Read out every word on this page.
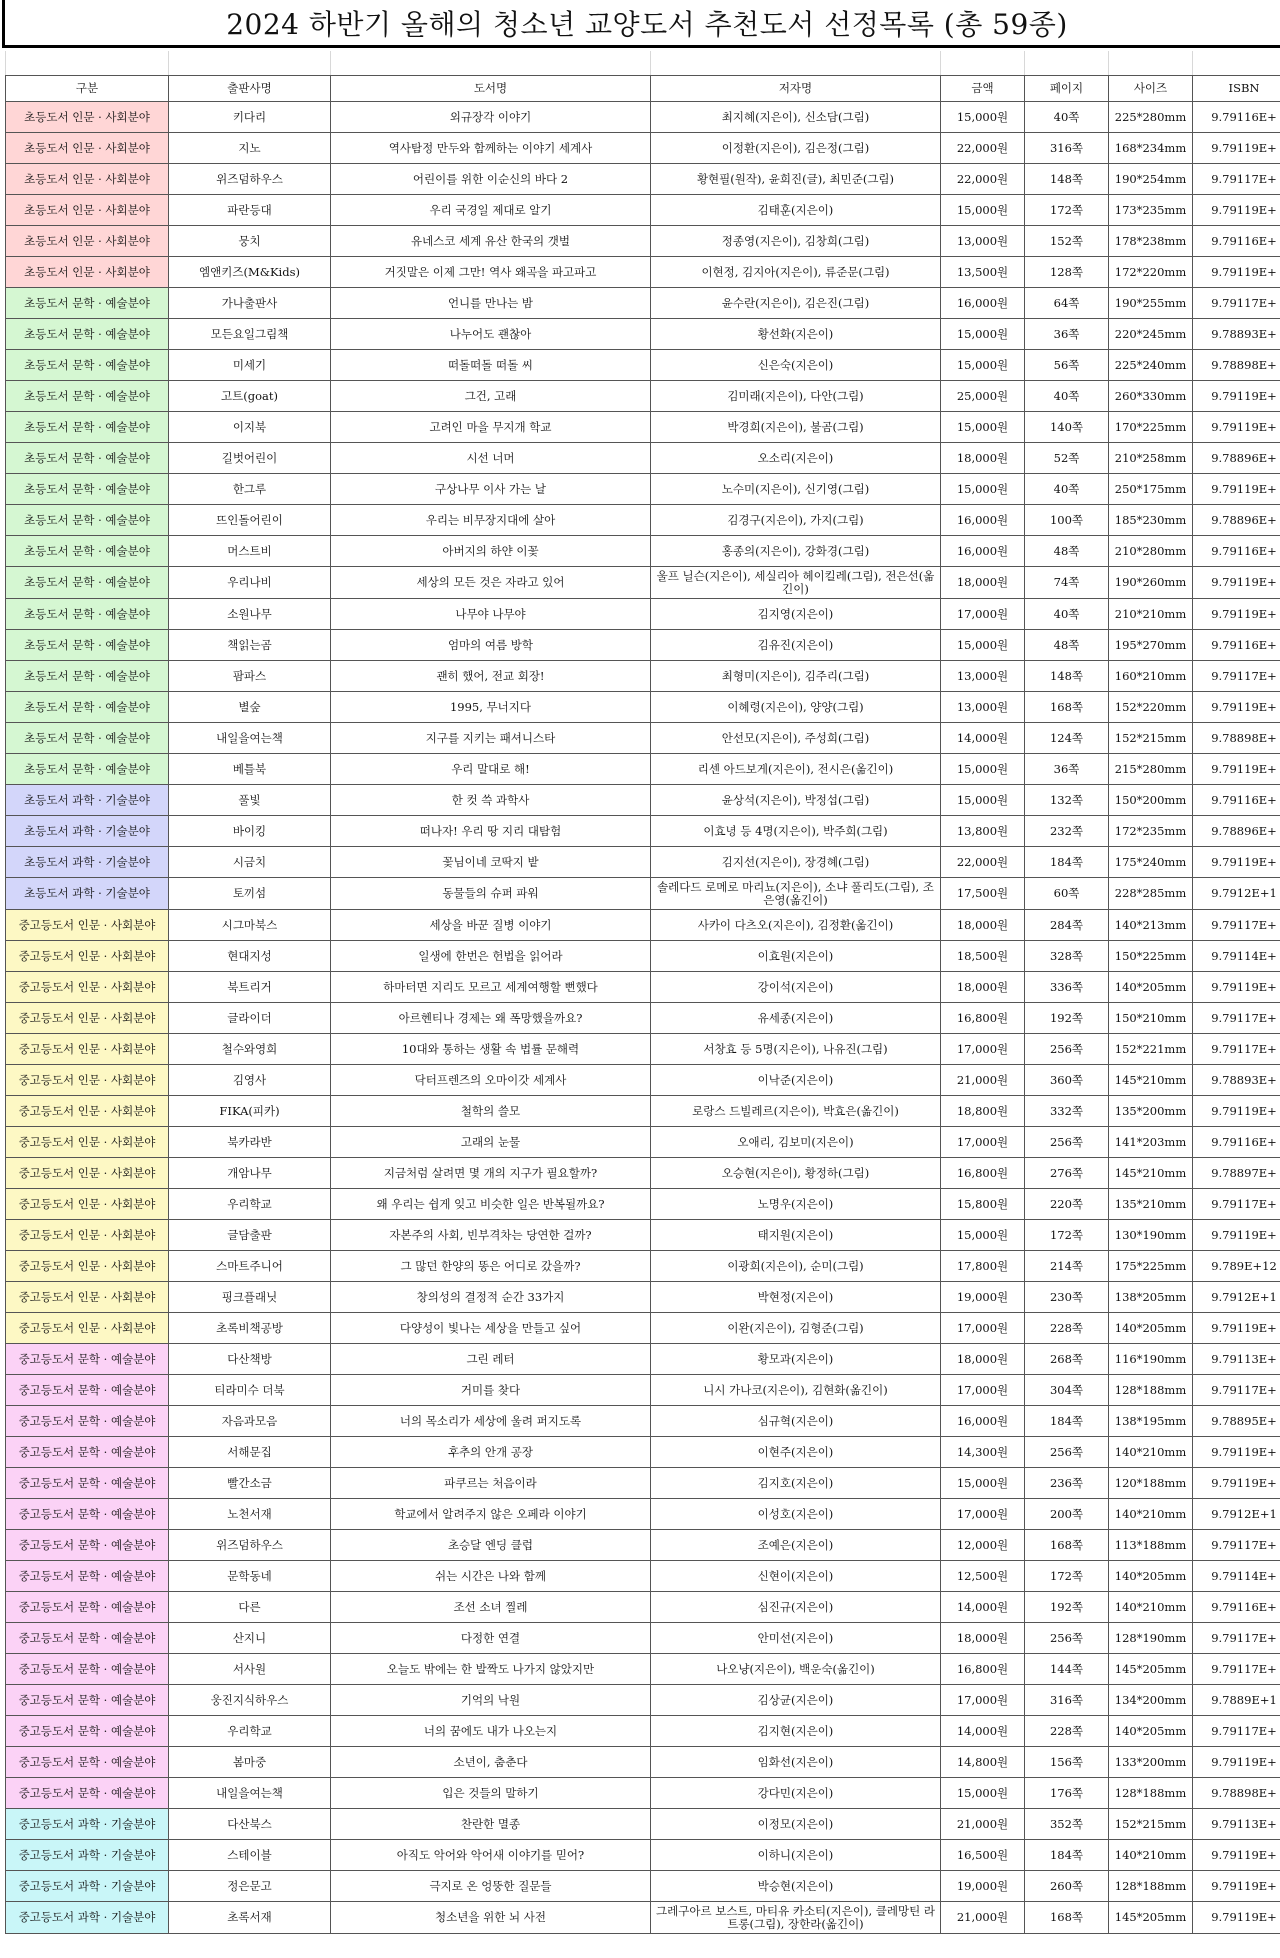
2024 하반기 올해의 청소년 교양도서 추천도서 선정목록 (총 59종)
구분	출판사명	도서명	저자명	금액	페이지	사이즈	ISBN
초등도서 인문 · 사회분야	키다리	외규장각 이야기	최지혜(지은이), 신소담(그림)	15,000원	40쪽	225*280mm	9.79116E+
초등도서 인문 · 사회분야	지노	역사탐정 만두와 함께하는 이야기 세계사	이정환(지은이), 김은정(그림)	22,000원	316쪽	168*234mm	9.79119E+
초등도서 인문 · 사회분야	위즈덤하우스	어린이를 위한 이순신의 바다 2	황현필(원작), 윤희진(글), 최민준(그림)	22,000원	148쪽	190*254mm	9.79117E+
초등도서 인문 · 사회분야	파란등대	우리 국경일 제대로 알기	김태훈(지은이)	15,000원	172쪽	173*235mm	9.79119E+
초등도서 인문 · 사회분야	뭉치	유네스코 세계 유산 한국의 갯벌	정종영(지은이), 김창희(그림)	13,000원	152쪽	178*238mm	9.79116E+
초등도서 인문 · 사회분야	엠앤키즈(M&Kids)	거짓말은 이제 그만! 역사 왜곡을 파고파고	이현정, 김지아(지은이), 류준문(그림)	13,500원	128쪽	172*220mm	9.79119E+
초등도서 문학 · 예술분야	가나출판사	언니를 만나는 밤	윤수란(지은이), 김은진(그림)	16,000원	64쪽	190*255mm	9.79117E+
초등도서 문학 · 예술분야	모든요일그림책	나누어도 괜찮아	황선화(지은이)	15,000원	36쪽	220*245mm	9.78893E+
초등도서 문학 · 예술분야	미세기	떠돌떠돌 떠돌 씨	신은숙(지은이)	15,000원	56쪽	225*240mm	9.78898E+
초등도서 문학 · 예술분야	고트(goat)	그건, 고래	김미래(지은이), 다안(그림)	25,000원	40쪽	260*330mm	9.79119E+
초등도서 문학 · 예술분야	이지북	고려인 마을 무지개 학교	박경희(지은이), 불곰(그림)	15,000원	140쪽	170*225mm	9.79119E+
초등도서 문학 · 예술분야	길벗어린이	시선 너머	오소리(지은이)	18,000원	52쪽	210*258mm	9.78896E+
초등도서 문학 · 예술분야	한그루	구상나무 이사 가는 날	노수미(지은이), 신기영(그림)	15,000원	40쪽	250*175mm	9.79119E+
초등도서 문학 · 예술분야	뜨인돌어린이	우리는 비무장지대에 살아	김경구(지은이), 가지(그림)	16,000원	100쪽	185*230mm	9.78896E+
초등도서 문학 · 예술분야	머스트비	아버지의 하얀 이꽃	홍종의(지은이), 강화경(그림)	16,000원	48쪽	210*280mm	9.79116E+
초등도서 문학 · 예술분야	우리나비	세상의 모든 것은 자라고 있어	울프 닐슨(지은이), 세실리아 헤이킬레(그림), 전은선(옮긴이)	18,000원	74쪽	190*260mm	9.79119E+
초등도서 문학 · 예술분야	소원나무	나무야 나무야	김지영(지은이)	17,000원	40쪽	210*210mm	9.79119E+
초등도서 문학 · 예술분야	책읽는곰	엄마의 여름 방학	김유진(지은이)	15,000원	48쪽	195*270mm	9.79116E+
초등도서 문학 · 예술분야	팜파스	괜히 했어, 전교 회장!	최형미(지은이), 김주리(그림)	13,000원	148쪽	160*210mm	9.79117E+
초등도서 문학 · 예술분야	별숲	1995, 무너지다	이혜령(지은이), 양양(그림)	13,000원	168쪽	152*220mm	9.79119E+
초등도서 문학 · 예술분야	내일을여는책	지구를 지키는 패셔니스타	안선모(지은이), 주성희(그림)	14,000원	124쪽	152*215mm	9.78898E+
초등도서 문학 · 예술분야	베틀북	우리 말대로 해!	리센 아드보게(지은이), 전시은(옮긴이)	15,000원	36쪽	215*280mm	9.79119E+
초등도서 과학 · 기술분야	풀빛	한 컷 쓱 과학사	윤상석(지은이), 박정섭(그림)	15,000원	132쪽	150*200mm	9.79116E+
초등도서 과학 · 기술분야	바이킹	떠나자! 우리 땅 지리 대탐험	이효녕 등 4명(지은이), 박주희(그림)	13,800원	232쪽	172*235mm	9.78896E+
초등도서 과학 · 기술분야	시금치	꽃님이네 코딱지 밭	김지선(지은이), 장경혜(그림)	22,000원	184쪽	175*240mm	9.79119E+
초등도서 과학 · 기술분야	토끼섬	동물들의 슈퍼 파워	솔레다드 로메로 마리뇨(지은이), 소냐 풀리도(그림), 조은영(옮긴이)	17,500원	60쪽	228*285mm	9.7912E+1
중고등도서 인문 · 사회분야	시그마북스	세상을 바꾼 질병 이야기	사카이 다츠오(지은이), 김정환(옮긴이)	18,000원	284쪽	140*213mm	9.79117E+
중고등도서 인문 · 사회분야	현대지성	일생에 한번은 헌법을 읽어라	이효원(지은이)	18,500원	328쪽	150*225mm	9.79114E+
중고등도서 인문 · 사회분야	북트리거	하마터면 지리도 모르고 세계여행할 뻔했다	강이석(지은이)	18,000원	336쪽	140*205mm	9.79119E+
중고등도서 인문 · 사회분야	글라이더	아르헨티나 경제는 왜 폭망했을까요?	유세종(지은이)	16,800원	192쪽	150*210mm	9.79117E+
중고등도서 인문 · 사회분야	철수와영희	10대와 통하는 생활 속 법률 문해력	서창효 등 5명(지은이), 나유진(그림)	17,000원	256쪽	152*221mm	9.79117E+
중고등도서 인문 · 사회분야	김영사	닥터프렌즈의 오마이갓 세계사	이낙준(지은이)	21,000원	360쪽	145*210mm	9.78893E+
중고등도서 인문 · 사회분야	FIKA(피카)	철학의 쓸모	로랑스 드빌레르(지은이), 박효은(옮긴이)	18,800원	332쪽	135*200mm	9.79119E+
중고등도서 인문 · 사회분야	북카라반	고래의 눈물	오애리, 김보미(지은이)	17,000원	256쪽	141*203mm	9.79116E+
중고등도서 인문 · 사회분야	개암나무	지금처럼 살려면 몇 개의 지구가 필요할까?	오승현(지은이), 황정하(그림)	16,800원	276쪽	145*210mm	9.78897E+
중고등도서 인문 · 사회분야	우리학교	왜 우리는 쉽게 잊고 비슷한 일은 반복될까요?	노명우(지은이)	15,800원	220쪽	135*210mm	9.79117E+
중고등도서 인문 · 사회분야	글담출판	자본주의 사회, 빈부격차는 당연한 걸까?	태지원(지은이)	15,000원	172쪽	130*190mm	9.79119E+
중고등도서 인문 · 사회분야	스마트주니어	그 많던 한양의 똥은 어디로 갔을까?	이광희(지은이), 순미(그림)	17,800원	214쪽	175*225mm	9.789E+12
중고등도서 인문 · 사회분야	핑크플래닛	창의성의 결정적 순간 33가지	박현정(지은이)	19,000원	230쪽	138*205mm	9.7912E+1
중고등도서 인문 · 사회분야	초록비책공방	다양성이 빛나는 세상을 만들고 싶어	이완(지은이), 김형준(그림)	17,000원	228쪽	140*205mm	9.79119E+
중고등도서 문학 · 예술분야	다산책방	그린 레터	황모과(지은이)	18,000원	268쪽	116*190mm	9.79113E+
중고등도서 문학 · 예술분야	티라미수 더북	거미를 찾다	니시 가나코(지은이), 김현화(옮긴이)	17,000원	304쪽	128*188mm	9.79117E+
중고등도서 문학 · 예술분야	자음과모음	너의 목소리가 세상에 울려 퍼지도록	심규혁(지은이)	16,000원	184쪽	138*195mm	9.78895E+
중고등도서 문학 · 예술분야	서해문집	후추의 안개 공장	이현주(지은이)	14,300원	256쪽	140*210mm	9.79119E+
중고등도서 문학 · 예술분야	빨간소금	파쿠르는 처음이라	김지호(지은이)	15,000원	236쪽	120*188mm	9.79119E+
중고등도서 문학 · 예술분야	노천서재	학교에서 알려주지 않은 오페라 이야기	이성호(지은이)	17,000원	200쪽	140*210mm	9.7912E+1
중고등도서 문학 · 예술분야	위즈덤하우스	초승달 엔딩 클럽	조예은(지은이)	12,000원	168쪽	113*188mm	9.79117E+
중고등도서 문학 · 예술분야	문학동네	쉬는 시간은 나와 함께	신현이(지은이)	12,500원	172쪽	140*205mm	9.79114E+
중고등도서 문학 · 예술분야	다른	조선 소녀 찔레	심진규(지은이)	14,000원	192쪽	140*210mm	9.79116E+
중고등도서 문학 · 예술분야	산지니	다정한 연결	안미선(지은이)	18,000원	256쪽	128*190mm	9.79117E+
중고등도서 문학 · 예술분야	서사원	오늘도 밖에는 한 발짝도 나가지 않았지만	나오냥(지은이), 백운숙(옮긴이)	16,800원	144쪽	145*205mm	9.79117E+
중고등도서 문학 · 예술분야	웅진지식하우스	기억의 낙원	김상균(지은이)	17,000원	316쪽	134*200mm	9.7889E+1
중고등도서 문학 · 예술분야	우리학교	너의 꿈에도 내가 나오는지	김지현(지은이)	14,000원	228쪽	140*205mm	9.79117E+
중고등도서 문학 · 예술분야	봄마중	소년이, 춤춘다	임화선(지은이)	14,800원	156쪽	133*200mm	9.79119E+
중고등도서 문학 · 예술분야	내일을여는책	입은 것들의 말하기	강다민(지은이)	15,000원	176쪽	128*188mm	9.78898E+
중고등도서 과학 · 기술분야	다산북스	찬란한 멸종	이정모(지은이)	21,000원	352쪽	152*215mm	9.79113E+
중고등도서 과학 · 기술분야	스테이블	아직도 악어와 악어새 이야기를 믿어?	이하니(지은이)	16,500원	184쪽	140*210mm	9.79119E+
중고등도서 과학 · 기술분야	정은문고	극지로 온 엉뚱한 질문들	박승현(지은이)	19,000원	260쪽	128*188mm	9.79119E+
중고등도서 과학 · 기술분야	초록서재	청소년을 위한 뇌 사전	그레구아르 보스트, 마티유 카소티(지은이), 클레망틴 라트롱(그림), 장한라(옮긴이)	21,000원	168쪽	145*205mm	9.79119E+
